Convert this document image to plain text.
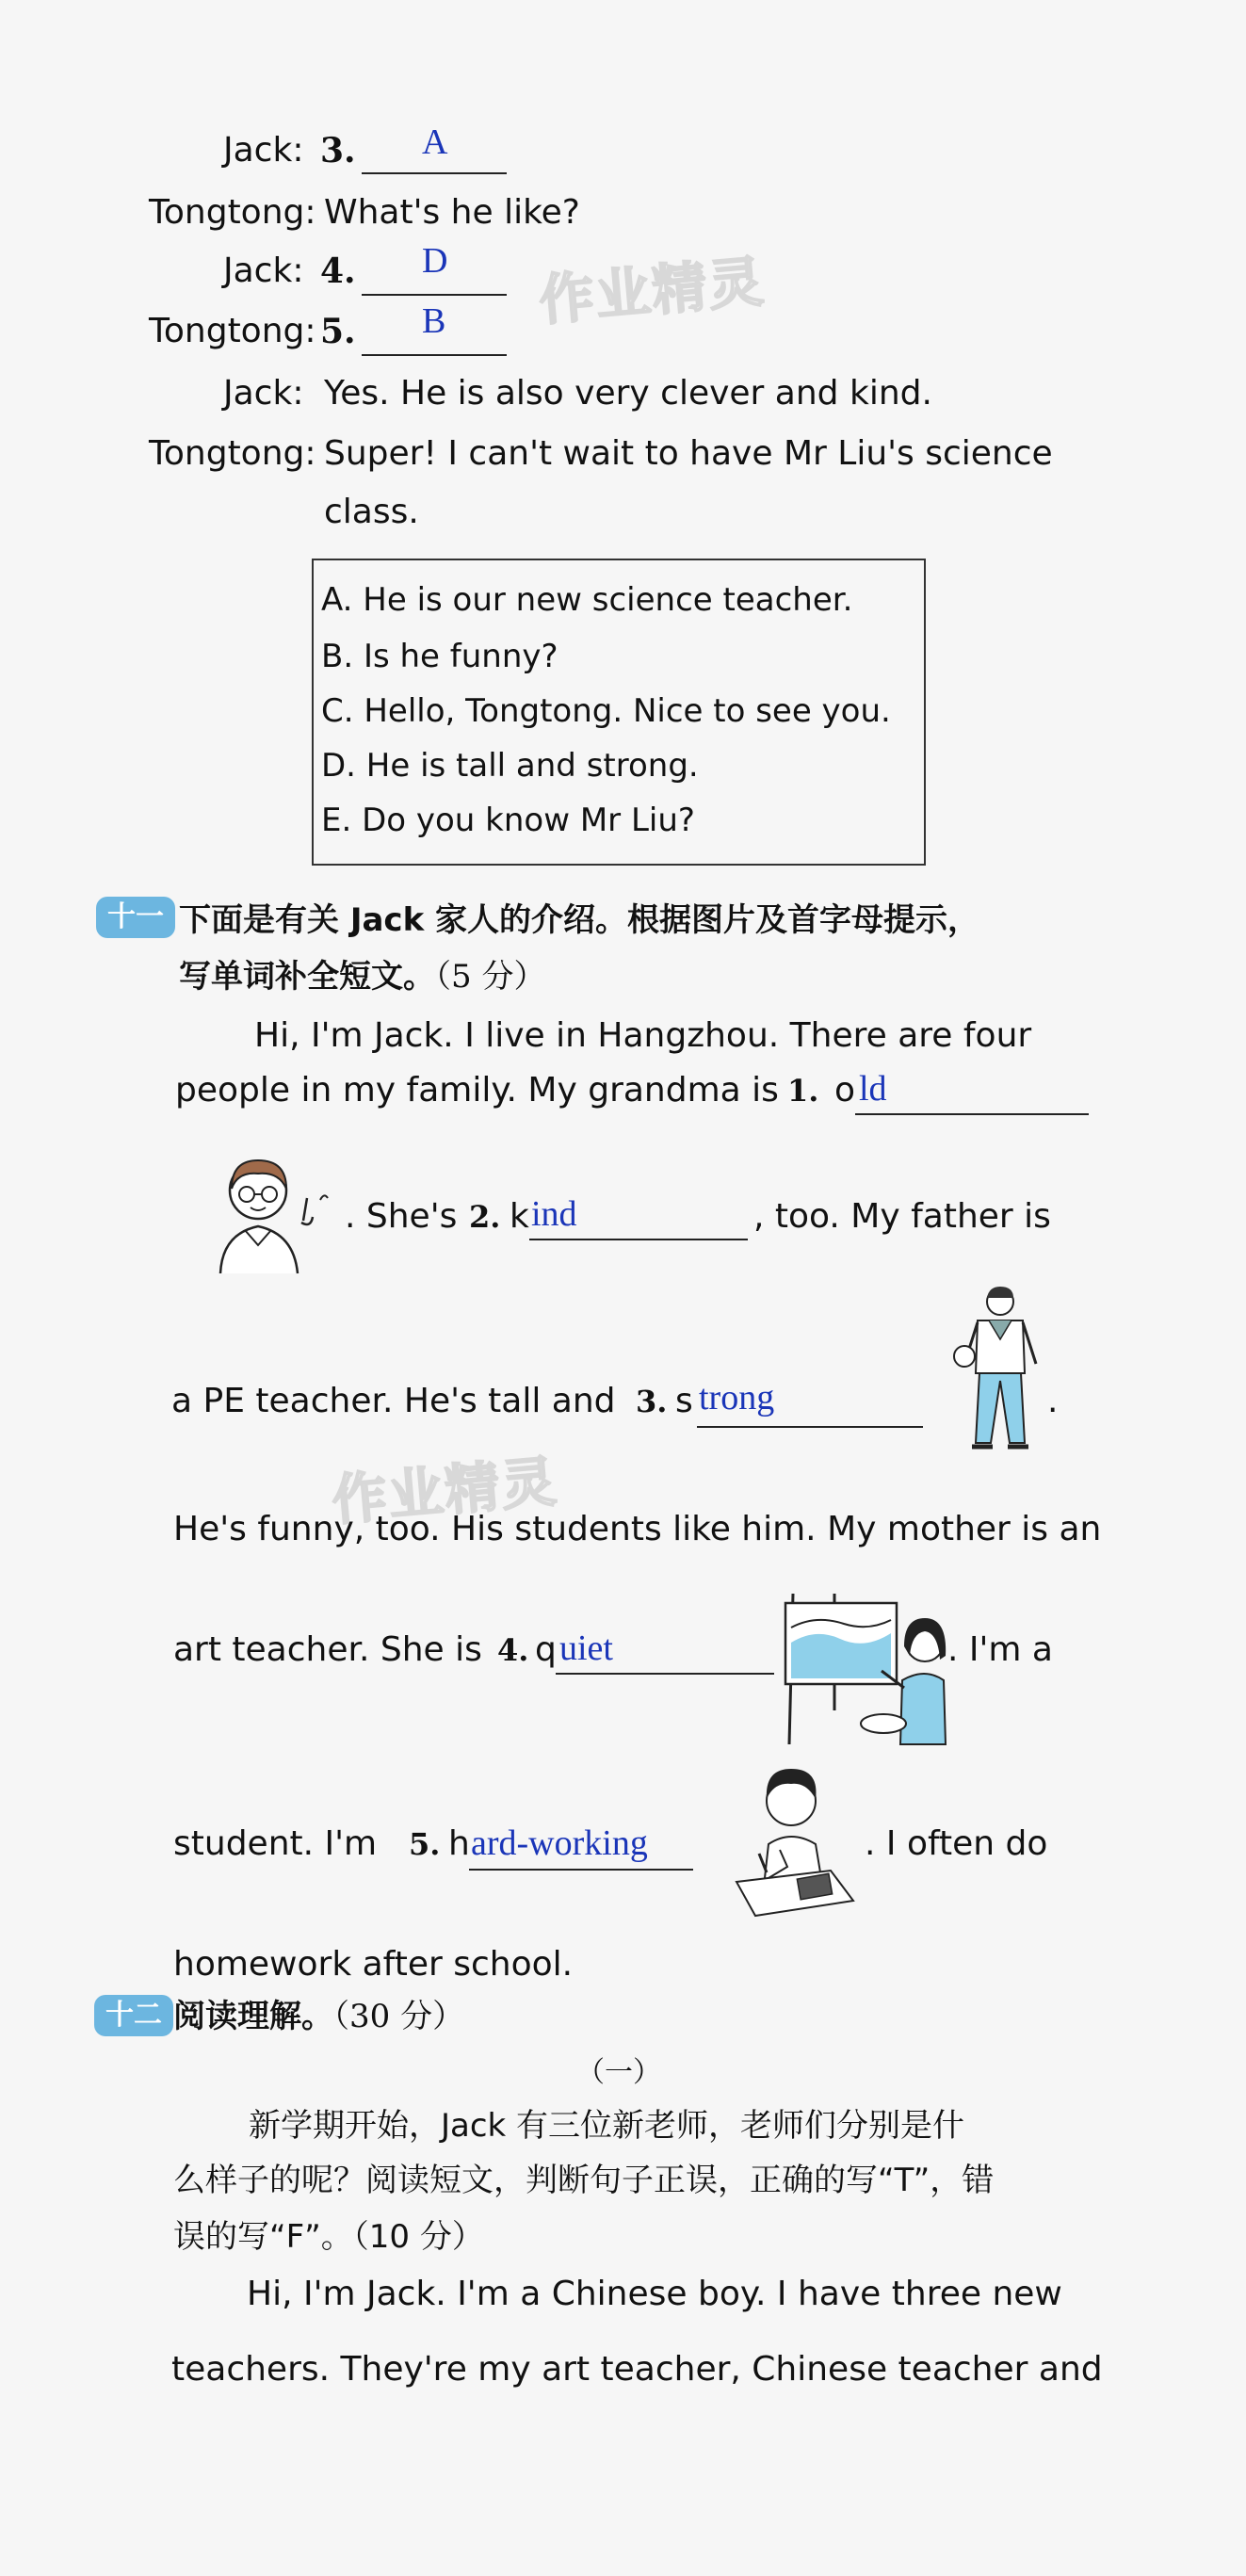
作业精灵
作业精灵
Jack: 3. A
Tongtong: What's he like?
Jack: 4. D
Tongtong: 5. B
Jack: Yes. He is also very clever and kind.
Tongtong: Super! I can't wait to have Mr Liu's science
class.
A. He is our new science teacher.
B. Is he funny?
C. Hello, Tongtong. Nice to see you.
D. He is tall and strong.
E. Do you know Mr Liu?
十一 下面是有关 Jack 家人的介绍。根据图片及首字母提示，
写单词补全短文。（5 分）
Hi, I'm Jack. I live in Hangzhou. There are four
people in my family. My grandma is 1. o ld
. She's 2. k ind	, too. My father is
a PE teacher. He's tall and 3. s trong	.
He's funny, too. His students like him. My mother is an
art teacher. She is 4. q uiet	. I'm a
student. I'm 5. h ard-working	. I often do
homework after school.
十二 阅读理解。（30 分）
（一）
新学期开始，Jack 有三位新老师，老师们分别是什
么样子的呢？阅读短文，判断句子正误，正确的写“T”，错
误的写“F”。（10 分）
Hi, I'm Jack. I'm a Chinese boy. I have three new
teachers. They're my art teacher, Chinese teacher and
